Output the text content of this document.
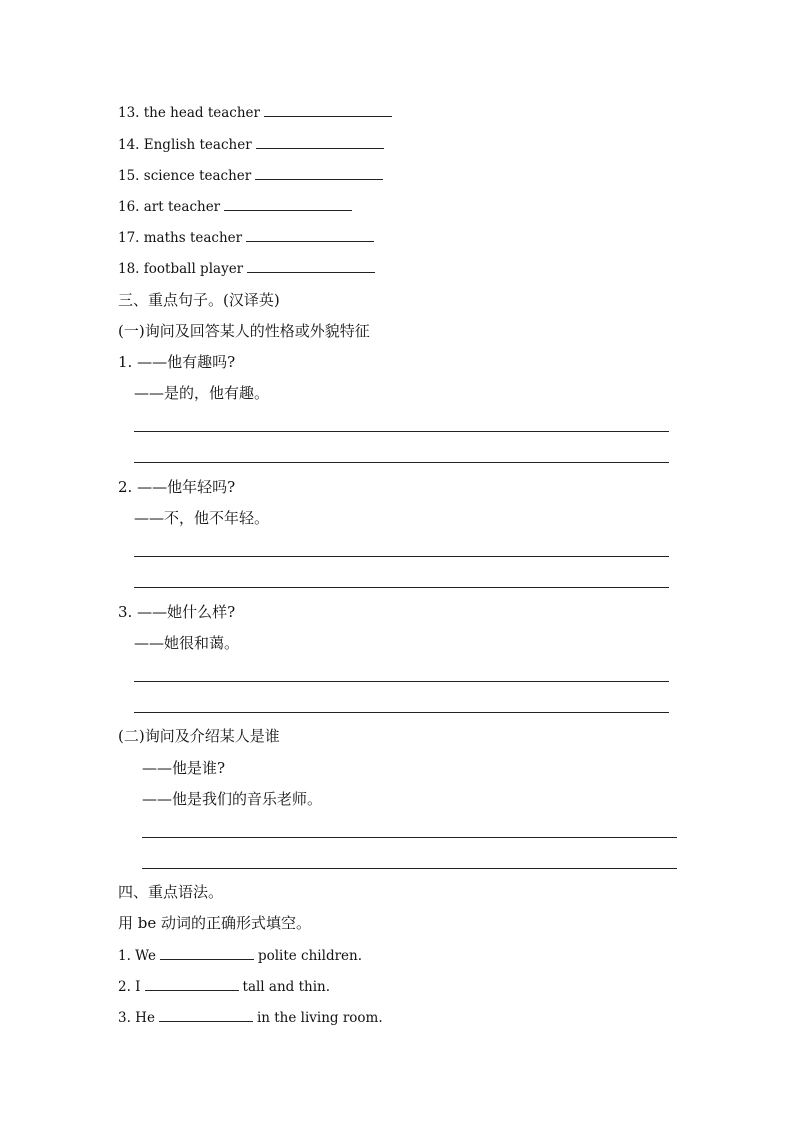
13. the head teacher
14. English teacher
15. science teacher
16. art teacher
17. maths teacher
18. football player
三、重点句子。(汉译英)
(一)询问及回答某人的性格或外貌特征
1. ——他有趣吗?
——是的，他有趣。
2. ——他年轻吗?
——不，他不年轻。
3. ——她什么样?
——她很和蔼。
(二)询问及介绍某人是谁
——他是谁?
——他是我们的音乐老师。
四、重点语法。
用 be 动词的正确形式填空。
1. We	polite children.
2. I	tall and thin.
3. He	in the living room.
